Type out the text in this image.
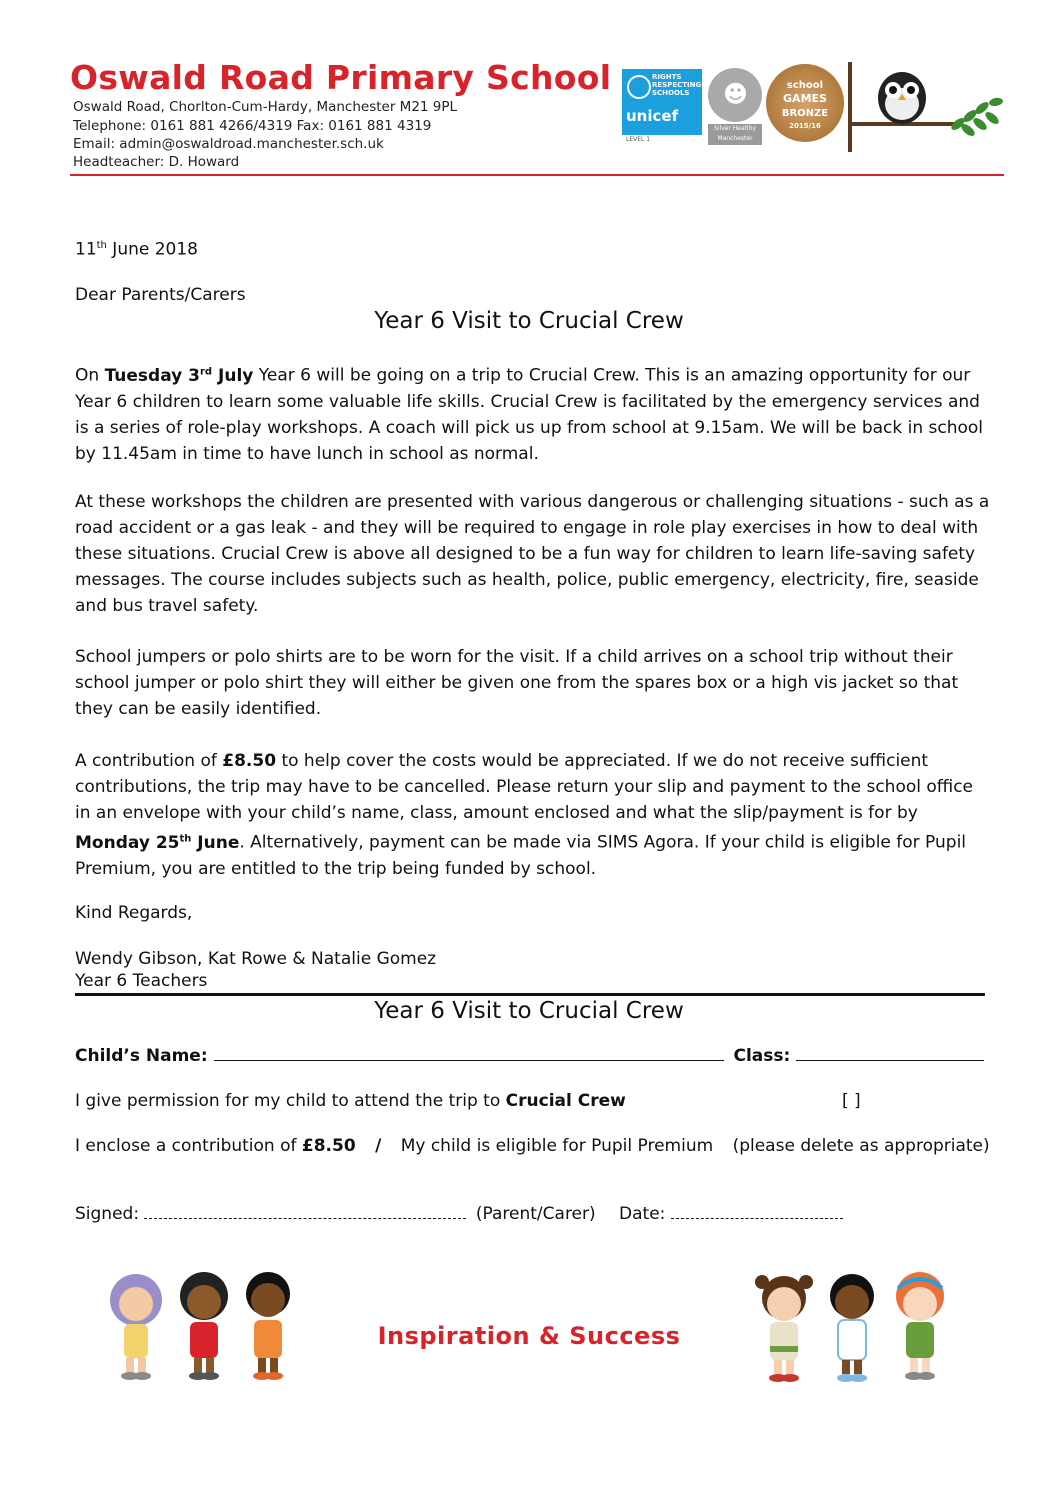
Oswald Road Primary School
Oswald Road, Chorlton-Cum-Hardy, Manchester M21 9PL
Telephone: 0161 881 4266/4319 Fax: 0161 881 4319
Email: admin@oswaldroad.manchester.sch.uk
Headteacher: D. Howard
RIGHTS RESPECTING SCHOOLS
unicef
LEVEL 1
☻
Silver Healthy Manchester
school
GAMES
BRONZE
2015/16
11th June 2018
Dear Parents/Carers
Year 6 Visit to Crucial Crew
On Tuesday 3rd July Year 6 will be going on a trip to Crucial Crew. This is an amazing opportunity for our Year 6 children to learn some valuable life skills. Crucial Crew is facilitated by the emergency services and is a series of role-play workshops. A coach will pick us up from school at 9.15am. We will be back in school by 11.45am in time to have lunch in school as normal.
At these workshops the children are presented with various dangerous or challenging situations - such as a road accident or a gas leak - and they will be required to engage in role play exercises in how to deal with these situations. Crucial Crew is above all designed to be a fun way for children to learn life-saving safety messages. The course includes subjects such as health, police, public emergency, electricity, fire, seaside and bus travel safety.
School jumpers or polo shirts are to be worn for the visit. If a child arrives on a school trip without their school jumper or polo shirt they will either be given one from the spares box or a high vis jacket so that they can be easily identified.
A contribution of £8.50 to help cover the costs would be appreciated. If we do not receive sufficient contributions, the trip may have to be cancelled. Please return your slip and payment to the school office in an envelope with your child’s name, class, amount enclosed and what the slip/payment is for by Monday 25th June. Alternatively, payment can be made via SIMS Agora. If your child is eligible for Pupil Premium, you are entitled to the trip being funded by school.
Kind Regards,
Wendy Gibson, Kat Rowe & Natalie Gomez
Year 6 Teachers
Year 6 Visit to Crucial Crew
Child’s Name:	Class:
I give permission for my child to attend the trip to Crucial Crew	[ ]
I enclose a contribution of £8.50 / My child is eligible for Pupil Premium (please delete as appropriate)
Signed:	(Parent/Carer) Date:
Inspiration & Success
